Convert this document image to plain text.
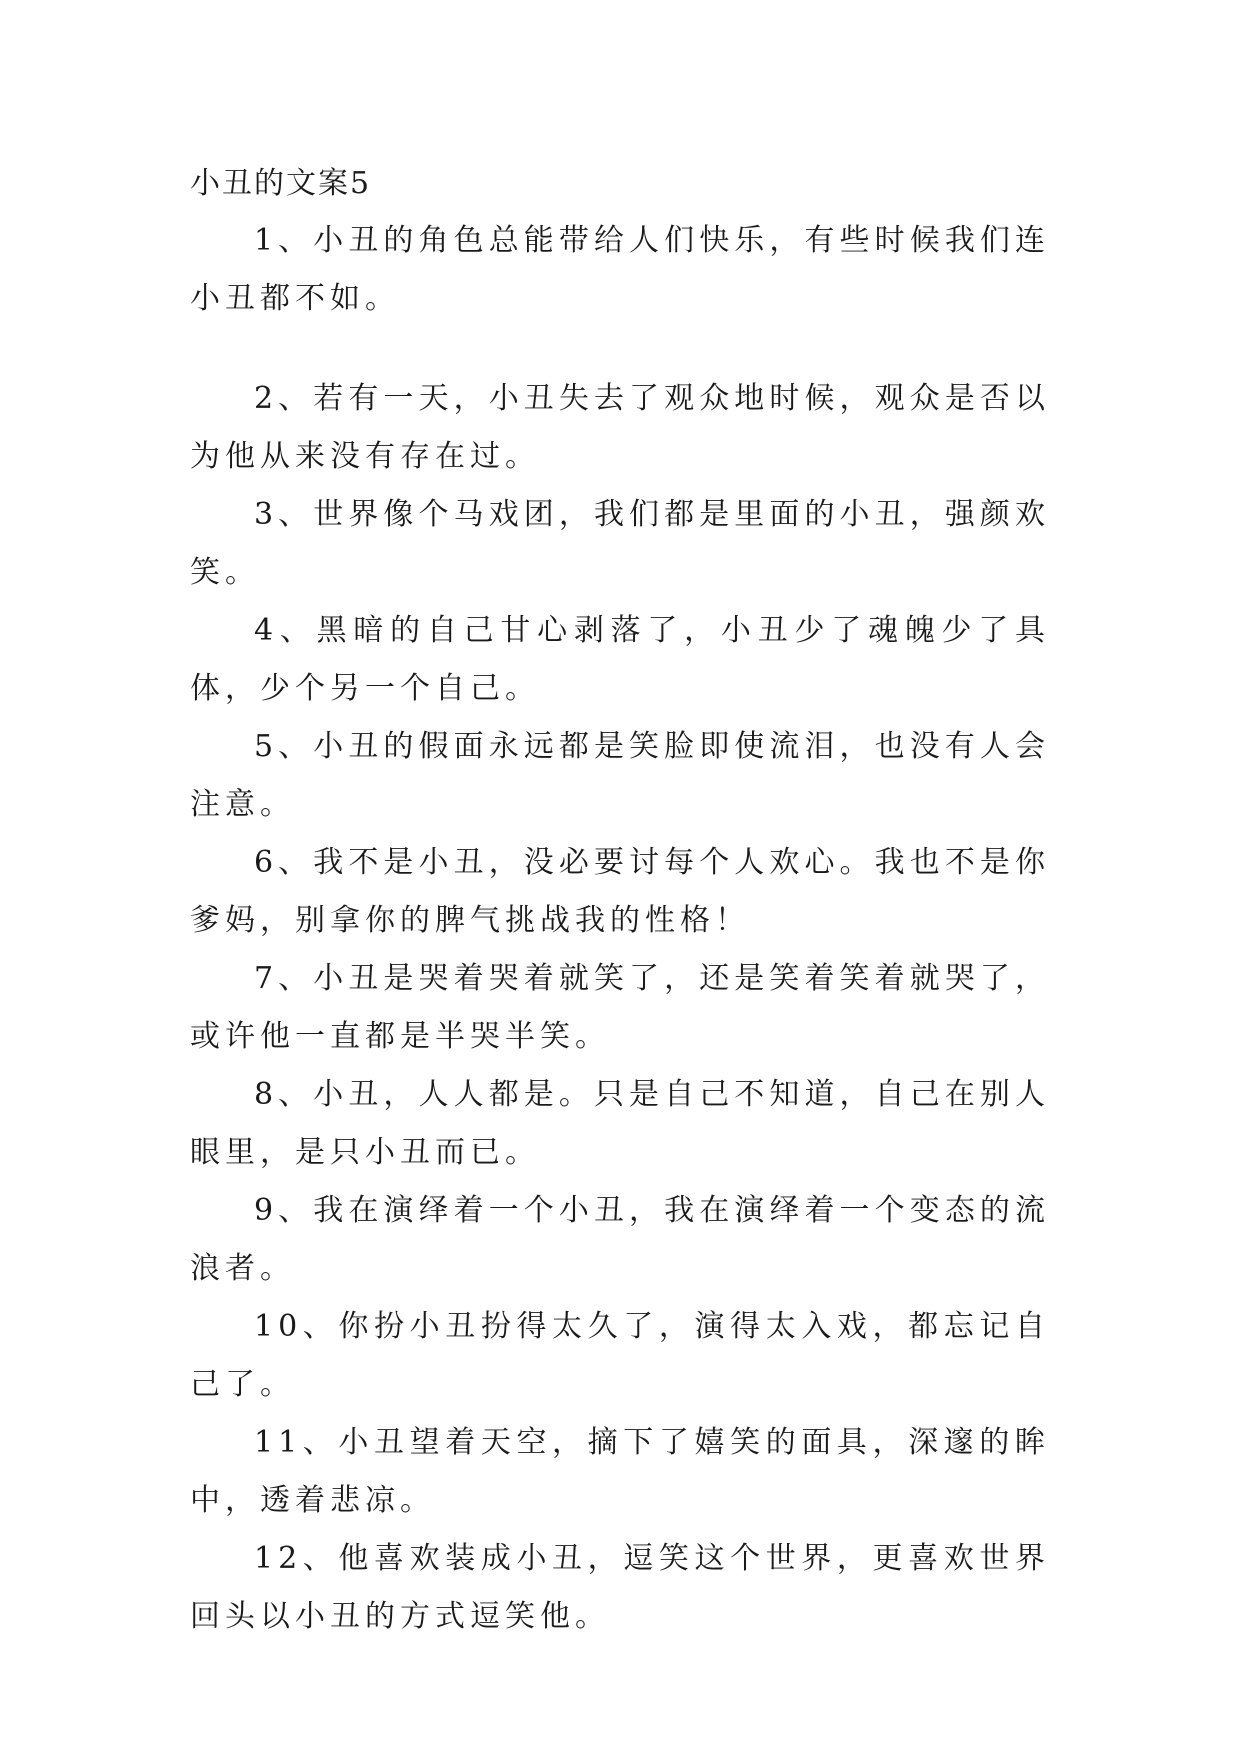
小丑的文案5

1、小丑的角色总能带给人们快乐，有些时候我们连小丑都不如。

2、若有一天，小丑失去了观众地时候，观众是否以为他从来没有存在过。

3、世界像个马戏团，我们都是里面的小丑，强颜欢笑。

4、黑暗的自己甘心剥落了，小丑少了魂魄少了具体，少个另一个自己。

5、小丑的假面永远都是笑脸即使流泪，也没有人会注意。

6、我不是小丑，没必要讨每个人欢心。我也不是你爹妈，别拿你的脾气挑战我的性格！

7、小丑是哭着哭着就笑了，还是笑着笑着就哭了，或许他一直都是半哭半笑。

8、小丑，人人都是。只是自己不知道，自己在别人眼里，是只小丑而已。

9、我在演绎着一个小丑，我在演绎着一个变态的流浪者。

10、你扮小丑扮得太久了，演得太入戏，都忘记自己了。

11、小丑望着天空，摘下了嬉笑的面具，深邃的眸中，透着悲凉。

12、他喜欢装成小丑，逗笑这个世界，更喜欢世界回头以小丑的方式逗笑他。
